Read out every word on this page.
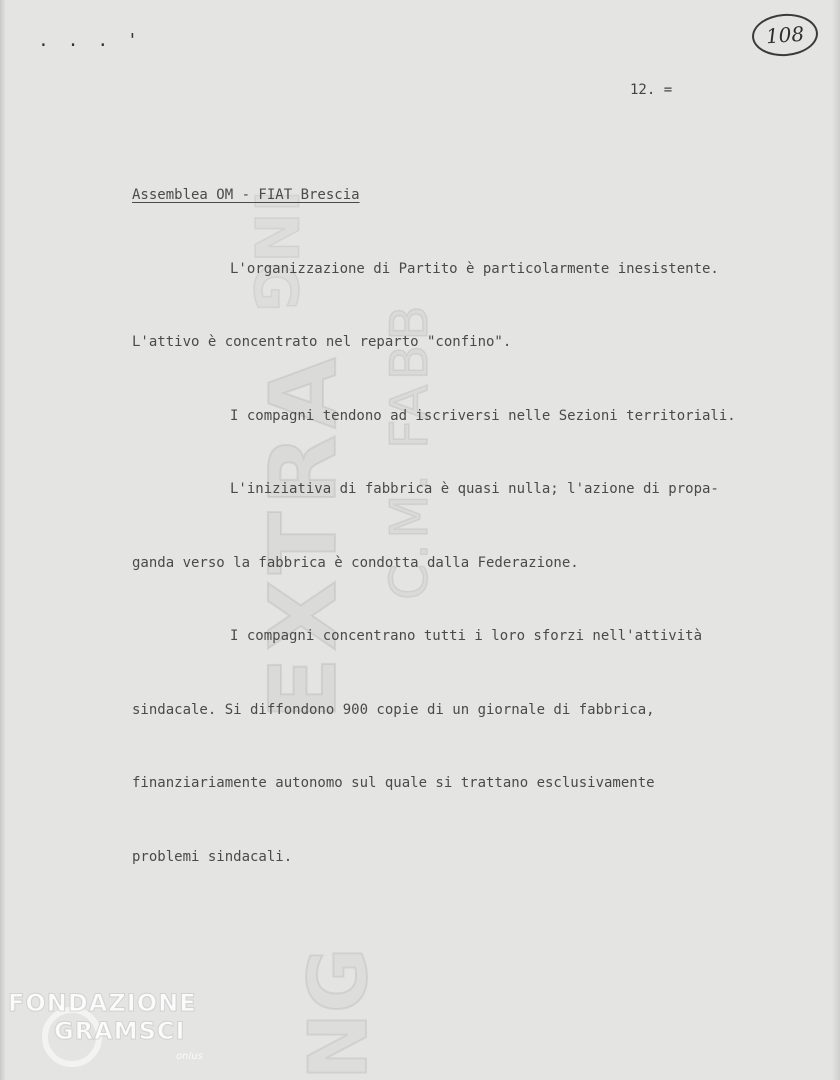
EXTRA C.M. FABB
NG
ING
. . . '	108
12. =

Assemblea OM - FIAT Brescia

L'organizzazione di Partito è particolarmente inesistente.

L'attivo è concentrato nel reparto "confino".

I compagni tendono ad iscriversi nelle Sezioni territoriali.

L'iniziativa di fabbrica è quasi nulla; l'azione di propa-

ganda verso la fabbrica è condotta dalla Federazione.

I compagni concentrano tutti i loro sforzi nell'attività

sindacale. Si diffondono 900 copie di un giornale di fabbrica,

finanziariamente autonomo sul quale si trattano esclusivamente

problemi sindacali.

FONDAZIONE
GRAMSCI
onlus
